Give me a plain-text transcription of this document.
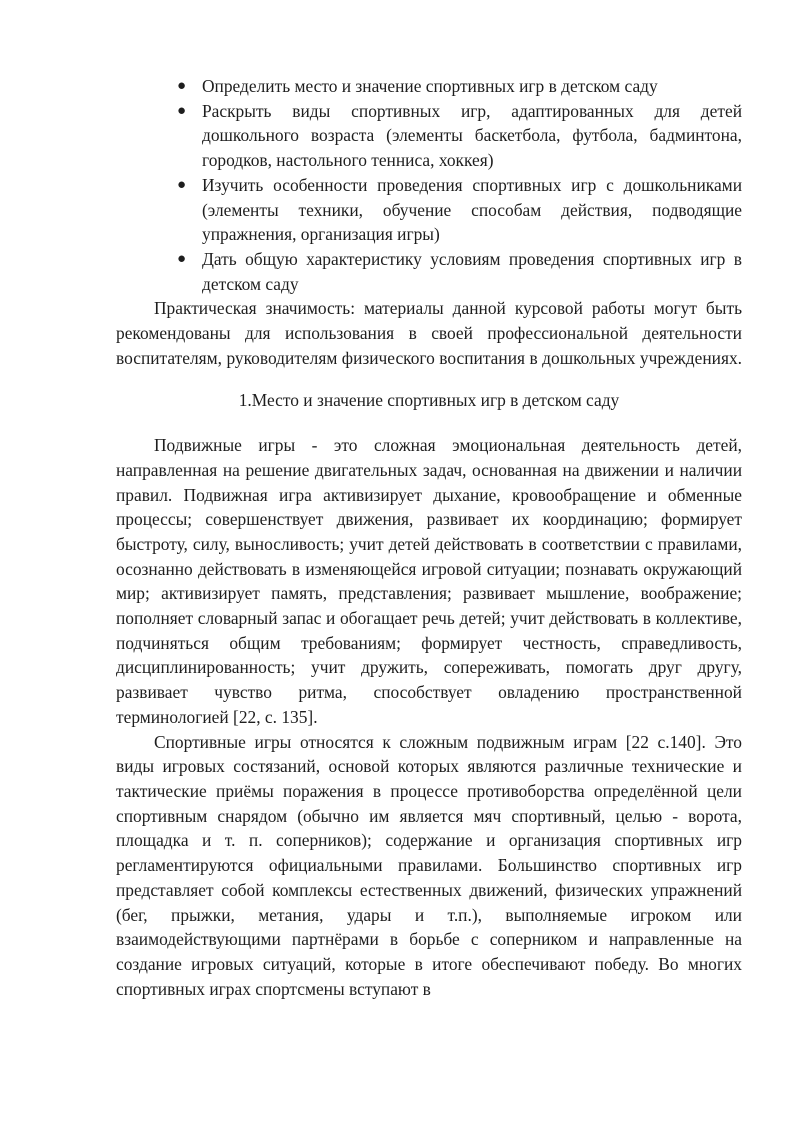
● Определить место и значение спортивных игр в детском саду
● Раскрыть виды спортивных игр, адаптированных для детей дошкольного возраста (элементы баскетбола, футбола, бадминтона, городков, настольного тенниса, хоккея)
● Изучить особенности проведения спортивных игр с дошкольниками (элементы техники, обучение способам действия, подводящие упражнения, организация игры)
● Дать общую характеристику условиям проведения спортивных игр в детском саду

Практическая значимость: материалы данной курсовой работы могут быть рекомендованы для использования в своей профессиональной деятельности воспитателям, руководителям физического воспитания в дошкольных учреждениях.

1.Место и значение спортивных игр в детском саду

Подвижные игры - это сложная эмоциональная деятельность детей, направленная на решение двигательных задач, основанная на движении и наличии правил. Подвижная игра активизирует дыхание, кровообращение и обменные процессы; совершенствует движения, развивает их координацию; формирует быстроту, силу, выносливость; учит детей действовать в соответствии с правилами, осознанно действовать в изменяющейся игровой ситуации; познавать окружающий мир; активизирует память, представления; развивает мышление, воображение; пополняет словарный запас и обогащает речь детей; учит действовать в коллективе, подчиняться общим требованиям; формирует честность, справедливость, дисциплинированность; учит дружить, сопереживать, помогать друг другу, развивает чувство ритма, способствует овладению пространственной терминологией [22, с. 135].

Спортивные игры относятся к сложным подвижным играм [22 с.140]. Это виды игровых состязаний, основой которых являются различные технические и тактические приёмы поражения в процессе противоборства определённой цели спортивным снарядом (обычно им является мяч спортивный, целью - ворота, площадка и т. п. соперников); содержание и организация спортивных игр регламентируются официальными правилами. Большинство спортивных игр представляет собой комплексы естественных движений, физических упражнений (бег, прыжки, метания, удары и т.п.), выполняемые игроком или взаимодействующими партнёрами в борьбе с соперником и направленные на создание игровых ситуаций, которые в итоге обеспечивают победу. Во многих спортивных играх спортсмены вступают в
